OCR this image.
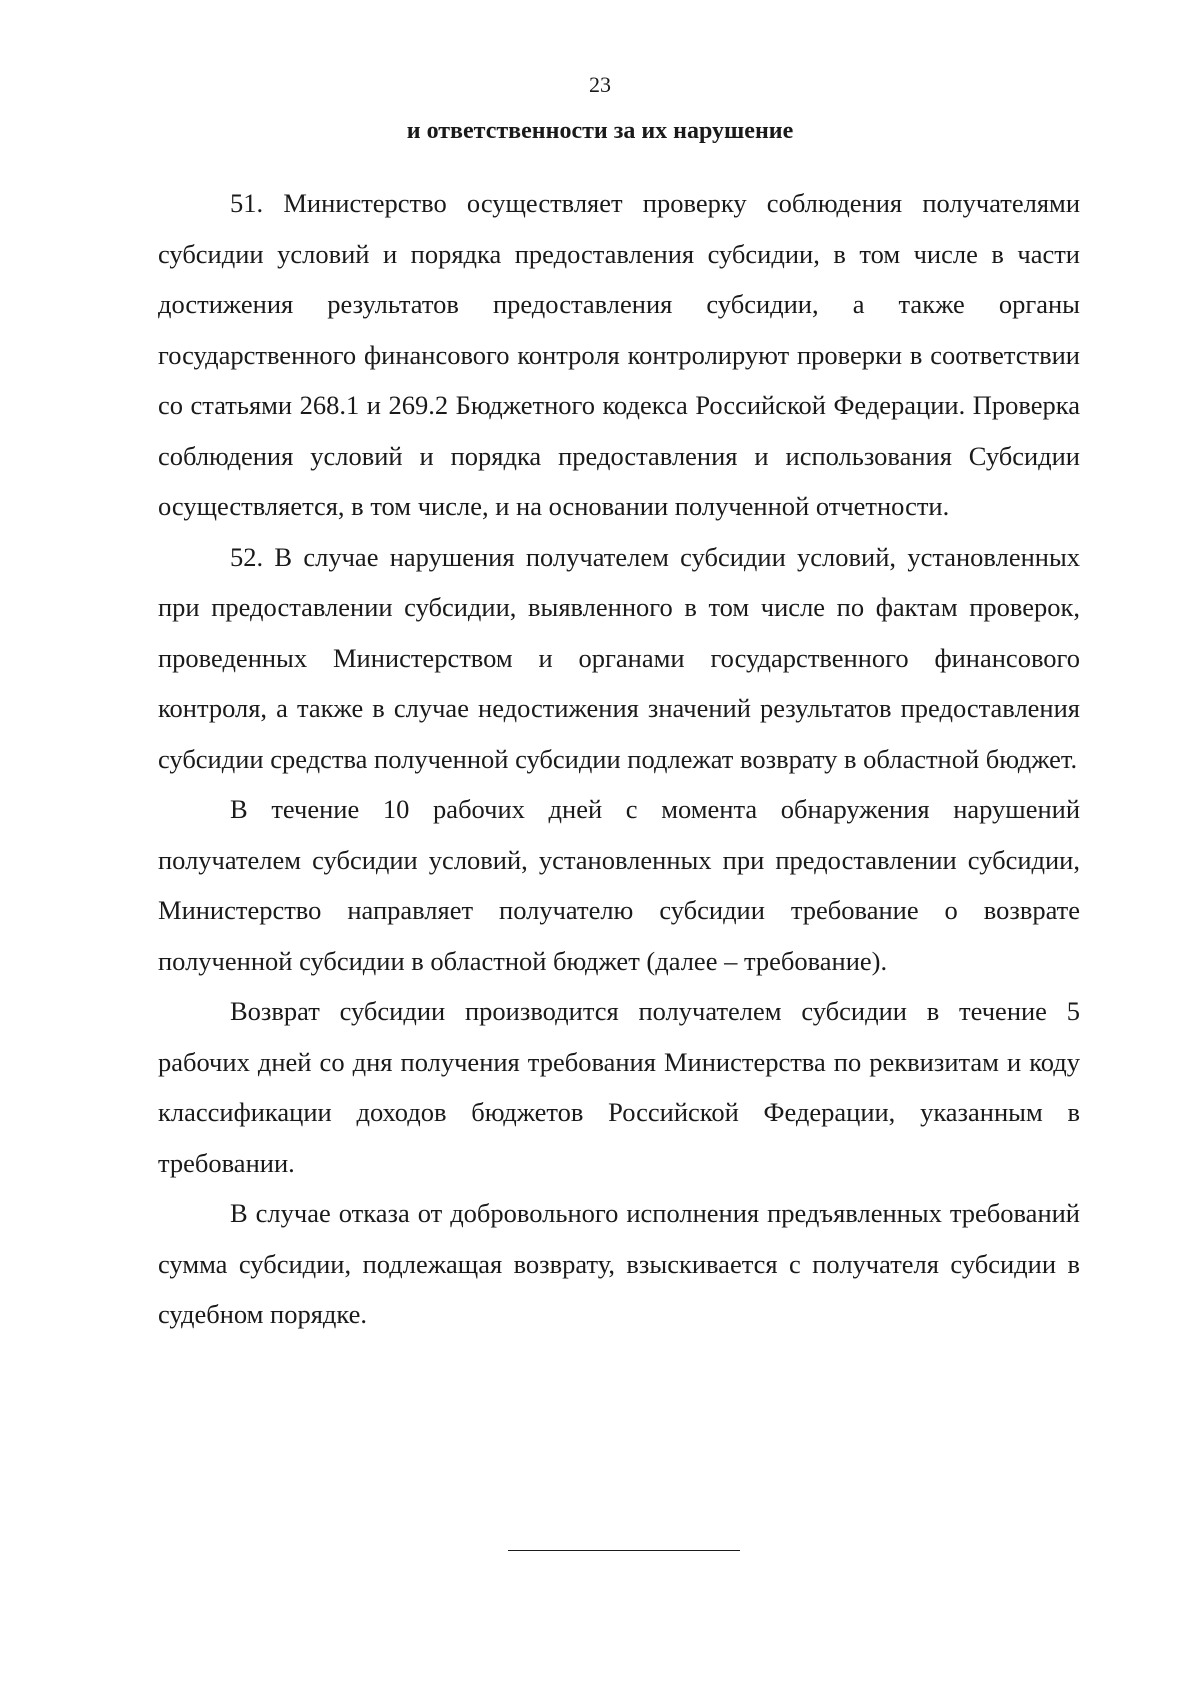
23
и ответственности за их нарушение

51. Министерство осуществляет проверку соблюдения получателями субсидии условий и порядка предоставления субсидии, в том числе в части достижения результатов предоставления субсидии, а также органы государственного финансового контроля контролируют проверки в соответствии со статьями 268.1 и 269.2 Бюджетного кодекса Российской Федерации. Проверка соблюдения условий и порядка предоставления и использования Субсидии осуществляется, в том числе, и на основании полученной отчетности.

52. В случае нарушения получателем субсидии условий, установленных при предоставлении субсидии, выявленного в том числе по фактам проверок, проведенных Министерством и органами государственного финансового контроля, а также в случае недостижения значений результатов предоставления субсидии средства полученной субсидии подлежат возврату в областной бюджет.

В течение 10 рабочих дней с момента обнаружения нарушений получателем субсидии условий, установленных при предоставлении субсидии, Министерство направляет получателю субсидии требование о возврате полученной субсидии в областной бюджет (далее – требование).

Возврат субсидии производится получателем субсидии в течение 5 рабочих дней со дня получения требования Министерства по реквизитам и коду классификации доходов бюджетов Российской Федерации, указанным в требовании.

В случае отказа от добровольного исполнения предъявленных требований сумма субсидии, подлежащая возврату, взыскивается с получателя субсидии в судебном порядке.
